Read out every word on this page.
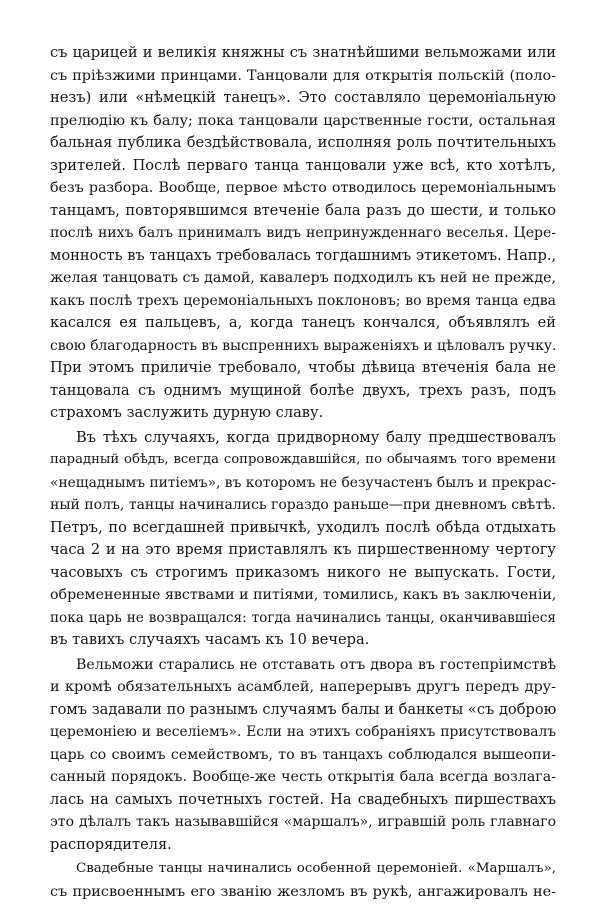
съ царицей и великія княжны съ знатнѣйшими вельможами или
съ пріѣзжими принцами. Танцовали для открытія польскій (поло-
незъ) или «нѣмецкій танецъ». Это составляло церемоніальную
прелюдію къ балу; пока танцовали царственные гости, остальная
бальная публика бездѣйствовала, исполняя роль почтительныхъ
зрителей. Послѣ перваго танца танцовали уже всѣ, кто хотѣлъ,
безъ разбора. Вообще, первое мѣсто отводилось церемоніальнымъ
танцамъ, повторявшимся втеченіе бала разъ до шести, и только
послѣ нихъ балъ принималъ видъ непринужденнаго веселья. Цере-
монность въ танцахъ требовалась тогдашнимъ этикетомъ. Напр.,
желая танцовать съ дамой, кавалеръ подходилъ къ ней не прежде,
какъ послѣ трехъ церемоніальныхъ поклоновъ; во время танца едва
касался ея пальцевъ, а, когда танецъ кончался, объявлялъ ей
свою благодарность въ выспреннихъ выраженіяхъ и цѣловалъ ручку.
При этомъ приличіе требовало, чтобы дѣвица втеченія бала не
танцовала съ однимъ мущиной болѣе двухъ, трехъ разъ, подъ
страхомъ заслужить дурную славу.
Въ тѣхъ случаяхъ, когда придворному балу предшествовалъ
парадный обѣдъ, всегда сопровождавшійся, по обычаямъ того времени
«нещаднымъ питіемъ», въ которомъ не безучастенъ былъ и прекрас-
ный полъ, танцы начинались гораздо раньше—при дневномъ свѣтѣ.
Петръ, по всегдашней привычкѣ, уходилъ послѣ обѣда отдыхать
часа 2 и на это время приставлялъ къ пиршественному чертогу
часовыхъ съ строгимъ приказомъ никого не выпускать. Гости,
обремененные явствами и питіями, томились, какъ въ заключеніи,
пока царь не возвращался: тогда начинались танцы, оканчивавшіеся
въ тавихъ случаяхъ часамъ къ 10 вечера.
Вельможи старались не отставать отъ двора въ гостепріимствѣ
и кромѣ обязательныхъ асамблей, наперерывъ другъ передъ дру-
гомъ задавали по разнымъ случаямъ балы и банкеты «съ доброю
церемоніею и веселіемъ». Если на этихъ собраніяхъ присутствовалъ
царь со своимъ семействомъ, то въ танцахъ соблюдался вышеопи-
санный порядокъ. Вообще-же честь открытія бала всегда возлага-
лась на самыхъ почетныхъ гостей. На свадебныхъ пиршествахъ
это дѣлалъ такъ называвшійся «маршалъ», игравшій роль главнаго
распорядителя.
Свадебные танцы начинались особенной церемоніей. «Маршалъ»,
съ присвоеннымъ его званію жезломъ въ рукѣ, ангажировалъ не-
